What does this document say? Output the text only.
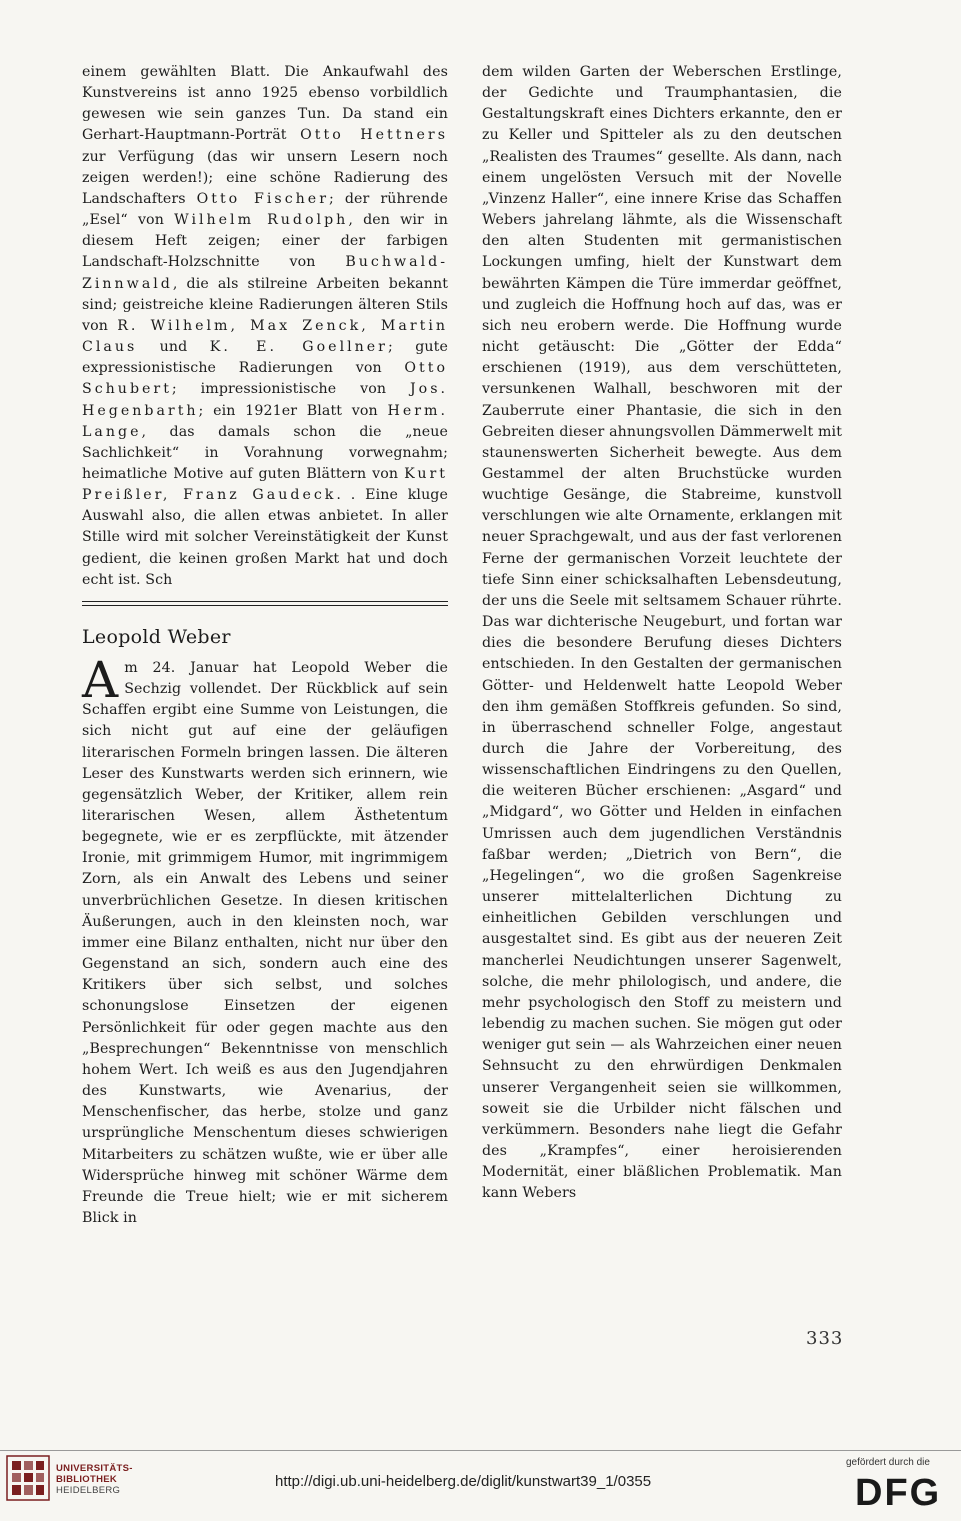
einem gewählten Blatt. Die Ankaufwahl des Kunstvereins ist anno 1925 ebenso vorbildlich gewesen wie sein ganzes Tun. Da stand ein Gerhart-Hauptmann-Porträt Otto Hettners zur Verfügung (das wir unsern Lesern noch zeigen werden!); eine schöne Radierung des Landschafters Otto Fischer; der rührende „Esel“ von Wilhelm Rudolph, den wir in diesem Heft zeigen; einer der farbigen Landschaft-Holzschnitte von Buchwald-Zinnwald, die als stilreine Arbeiten bekannt sind; geistreiche kleine Radierungen älteren Stils von R. Wilhelm, Max Zenck, Martin Claus und K. E. Goellner; gute expressionistische Radierungen von Otto Schubert; impressionistische von Jos. Hegenbarth; ein 1921er Blatt von Herm. Lange, das damals schon die „neue Sachlichkeit“ in Vorahnung vorwegnahm; heimatliche Motive auf guten Blättern von Kurt Preißler, Franz Gaudeck. . Eine kluge Auswahl also, die allen etwas anbietet. In aller Stille wird mit solcher Vereinstätigkeit der Kunst gedient, die keinen großen Markt hat und doch echt ist. Sch

Leopold Weber

Am 24. Januar hat Leopold Weber die Sechzig vollendet. Der Rückblick auf sein Schaffen ergibt eine Summe von Leistungen, die sich nicht gut auf eine der geläufigen literarischen Formeln bringen lassen. Die älteren Leser des Kunstwarts werden sich erinnern, wie gegensätzlich Weber, der Kritiker, allem rein literarischen Wesen, allem Ästhetentum begegnete, wie er es zerpflückte, mit ätzender Ironie, mit grimmigem Humor, mit ingrimmigem Zorn, als ein Anwalt des Lebens und seiner unverbrüchlichen Gesetze. In diesen kritischen Äußerungen, auch in den kleinsten noch, war immer eine Bilanz enthalten, nicht nur über den Gegenstand an sich, sondern auch eine des Kritikers über sich selbst, und solches schonungslose Einsetzen der eigenen Persönlichkeit für oder gegen machte aus den „Besprechungen“ Bekenntnisse von menschlich hohem Wert. Ich weiß es aus den Jugendjahren des Kunstwarts, wie Avenarius, der Menschenfischer, das herbe, stolze und ganz ursprüngliche Menschentum dieses schwierigen Mitarbeiters zu schätzen wußte, wie er über alle Widersprüche hinweg mit schöner Wärme dem Freunde die Treue hielt; wie er mit sicherem Blick in

dem wilden Garten der Weberschen Erstlinge, der Gedichte und Traumphantasien, die Gestaltungskraft eines Dichters erkannte, den er zu Keller und Spitteler als zu den deutschen „Realisten des Traumes“ gesellte. Als dann, nach einem ungelösten Versuch mit der Novelle „Vinzenz Haller“, eine innere Krise das Schaffen Webers jahrelang lähmte, als die Wissenschaft den alten Studenten mit germanistischen Lockungen umfing, hielt der Kunstwart dem bewährten Kämpen die Türe immerdar geöffnet, und zugleich die Hoffnung hoch auf das, was er sich neu erobern werde. Die Hoffnung wurde nicht getäuscht: Die „Götter der Edda“ erschienen (1919), aus dem verschütteten, versunkenen Walhall, beschworen mit der Zauberrute einer Phantasie, die sich in den Gebreiten dieser ahnungsvollen Dämmerwelt mit staunenswerten Sicherheit bewegte. Aus dem Gestammel der alten Bruchstücke wurden wuchtige Gesänge, die Stabreime, kunstvoll verschlungen wie alte Ornamente, erklangen mit neuer Sprachgewalt, und aus der fast verlorenen Ferne der germanischen Vorzeit leuchtete der tiefe Sinn einer schicksalhaften Lebensdeutung, der uns die Seele mit seltsamem Schauer rührte. Das war dichterische Neugeburt, und fortan war dies die besondere Berufung dieses Dichters entschieden. In den Gestalten der germanischen Götter- und Heldenwelt hatte Leopold Weber den ihm gemäßen Stoffkreis gefunden. So sind, in überraschend schneller Folge, angestaut durch die Jahre der Vorbereitung, des wissenschaftlichen Eindringens zu den Quellen, die weiteren Bücher erschienen: „Asgard“ und „Midgard“, wo Götter und Helden in einfachen Umrissen auch dem jugendlichen Verständnis faßbar werden; „Dietrich von Bern“, die „Hegelingen“, wo die großen Sagenkreise unserer mittelalterlichen Dichtung zu einheitlichen Gebilden verschlungen und ausgestaltet sind. Es gibt aus der neueren Zeit mancherlei Neudichtungen unserer Sagenwelt, solche, die mehr philologisch, und andere, die mehr psychologisch den Stoff zu meistern und lebendig zu machen suchen. Sie mögen gut oder weniger gut sein — als Wahrzeichen einer neuen Sehnsucht zu den ehrwürdigen Denkmalen unserer Vergangenheit seien sie willkommen, soweit sie die Urbilder nicht fälschen und verkümmern. Besonders nahe liegt die Gefahr des „Krampfes“, einer heroisierenden Modernität, einer bläßlichen Problematik. Man kann Webers

333
UNIVERSITÄTS-
BIBLIOTHEK
HEIDELBERG
http://digi.ub.uni-heidelberg.de/diglit/kunstwart39_1/0355
gefördert durch die
DFG
